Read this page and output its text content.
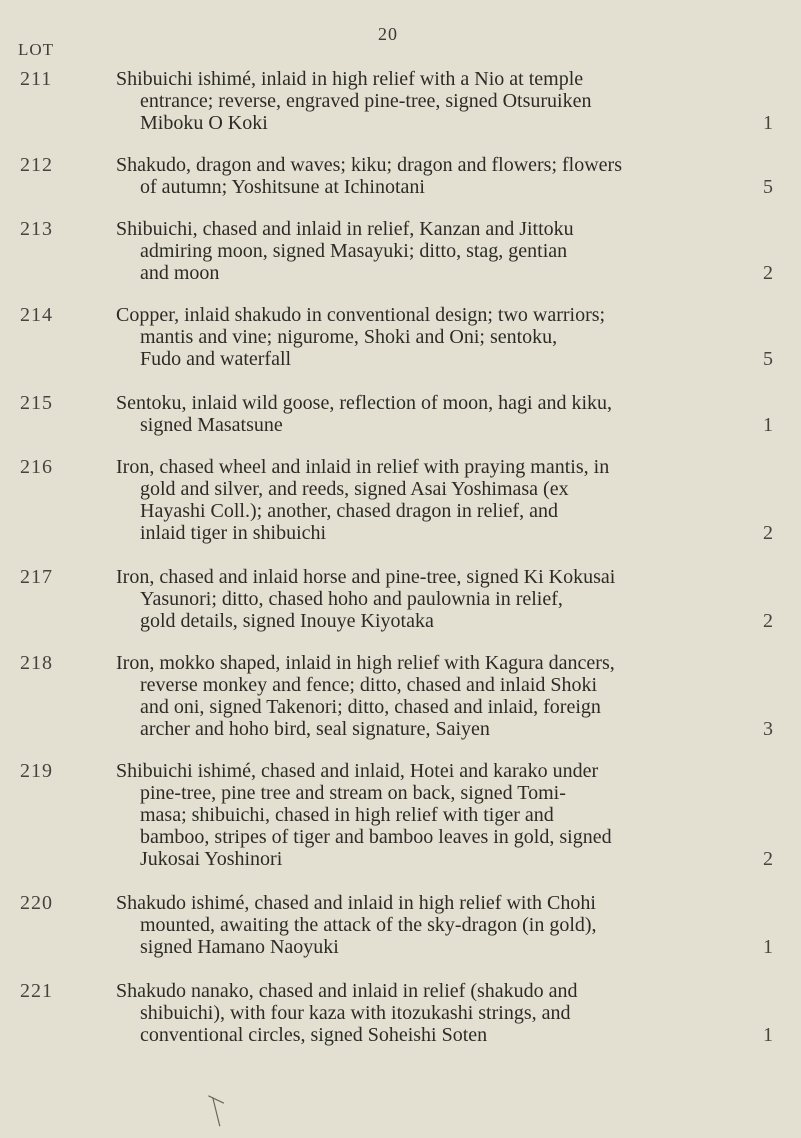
20
LOT
211	Shibuichi ishimé, inlaid in high relief with a Nio at temple
entrance; reverse, engraved pine-tree, signed Otsuruiken
Miboku O Koki	1
212	Shakudo, dragon and waves; kiku; dragon and flowers; flowers
of autumn; Yoshitsune at Ichinotani	5
213	Shibuichi, chased and inlaid in relief, Kanzan and Jittoku
admiring moon, signed Masayuki; ditto, stag, gentian
and moon	2
214	Copper, inlaid shakudo in conventional design; two warriors;
mantis and vine; nigurome, Shoki and Oni; sentoku,
Fudo and waterfall	5
215	Sentoku, inlaid wild goose, reflection of moon, hagi and kiku,
signed Masatsune	1
216	Iron, chased wheel and inlaid in relief with praying mantis, in
gold and silver, and reeds, signed Asai Yoshimasa (ex
Hayashi Coll.); another, chased dragon in relief, and
inlaid tiger in shibuichi	2
217	Iron, chased and inlaid horse and pine-tree, signed Ki Kokusai
Yasunori; ditto, chased hoho and paulownia in relief,
gold details, signed Inouye Kiyotaka	2
218	Iron, mokko shaped, inlaid in high relief with Kagura dancers,
reverse monkey and fence; ditto, chased and inlaid Shoki
and oni, signed Takenori; ditto, chased and inlaid, foreign
archer and hoho bird, seal signature, Saiyen	3
219	Shibuichi ishimé, chased and inlaid, Hotei and karako under
pine-tree, pine tree and stream on back, signed Tomi-
masa; shibuichi, chased in high relief with tiger and
bamboo, stripes of tiger and bamboo leaves in gold, signed
Jukosai Yoshinori	2
220	Shakudo ishimé, chased and inlaid in high relief with Chohi
mounted, awaiting the attack of the sky-dragon (in gold),
signed Hamano Naoyuki	1
221	Shakudo nanako, chased and inlaid in relief (shakudo and
shibuichi), with four kaza with itozukashi strings, and
conventional circles, signed Soheishi Soten	1
